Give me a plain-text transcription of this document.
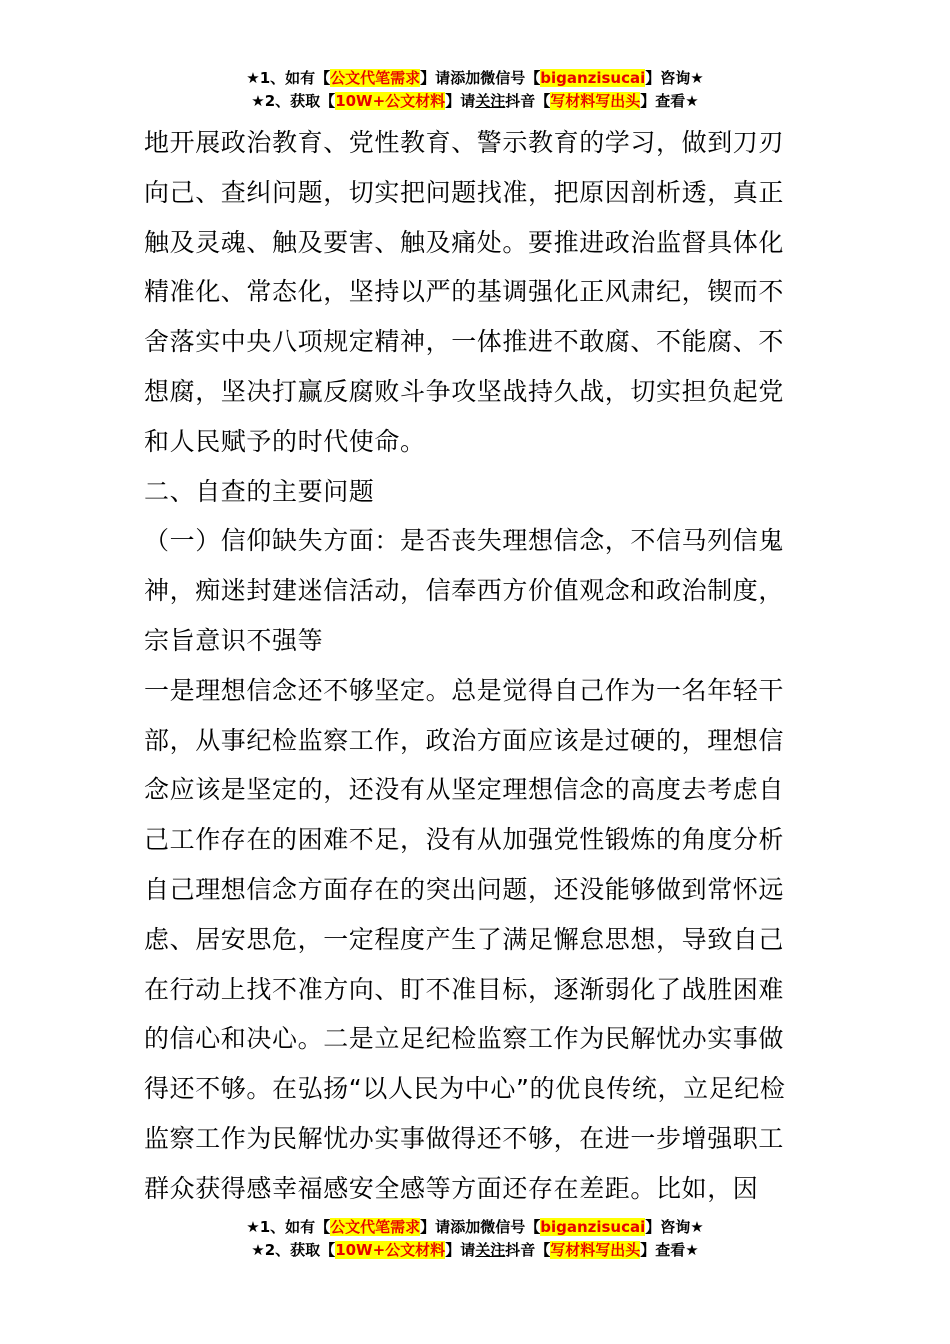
★1、如有【公文代笔需求】请添加微信号【biganzisucai】咨询★
★2、获取【10W+公文材料】请关注抖音【写材料写出头】查看★

地开展政治教育、党性教育、警示教育的学习，做到刀刃向己、查纠问题，切实把问题找准，把原因剖析透，真正触及灵魂、触及要害、触及痛处。要推进政治监督具体化精准化、常态化，坚持以严的基调强化正风肃纪，锲而不舍落实中央八项规定精神，一体推进不敢腐、不能腐、不想腐，坚决打赢反腐败斗争攻坚战持久战，切实担负起党和人民赋予的时代使命。

二、自查的主要问题

（一）信仰缺失方面：是否丧失理想信念，不信马列信鬼神，痴迷封建迷信活动，信奉西方价值观念和政治制度，宗旨意识不强等

一是理想信念还不够坚定。总是觉得自己作为一名年轻干部，从事纪检监察工作，政治方面应该是过硬的，理想信念应该是坚定的，还没有从坚定理想信念的高度去考虑自己工作存在的困难不足，没有从加强党性锻炼的角度分析自己理想信念方面存在的突出问题，还没能够做到常怀远虑、居安思危，一定程度产生了满足懈怠思想，导致自己在行动上找不准方向、盯不准目标，逐渐弱化了战胜困难的信心和决心。二是立足纪检监察工作为民解忧办实事做得还不够。在弘扬“以人民为中心”的优良传统，立足纪检监察工作为民解忧办实事做得还不够，在进一步增强职工群众获得感幸福感安全感等方面还存在差距。比如，因

★1、如有【公文代笔需求】请添加微信号【biganzisucai】咨询★
★2、获取【10W+公文材料】请关注抖音【写材料写出头】查看★
